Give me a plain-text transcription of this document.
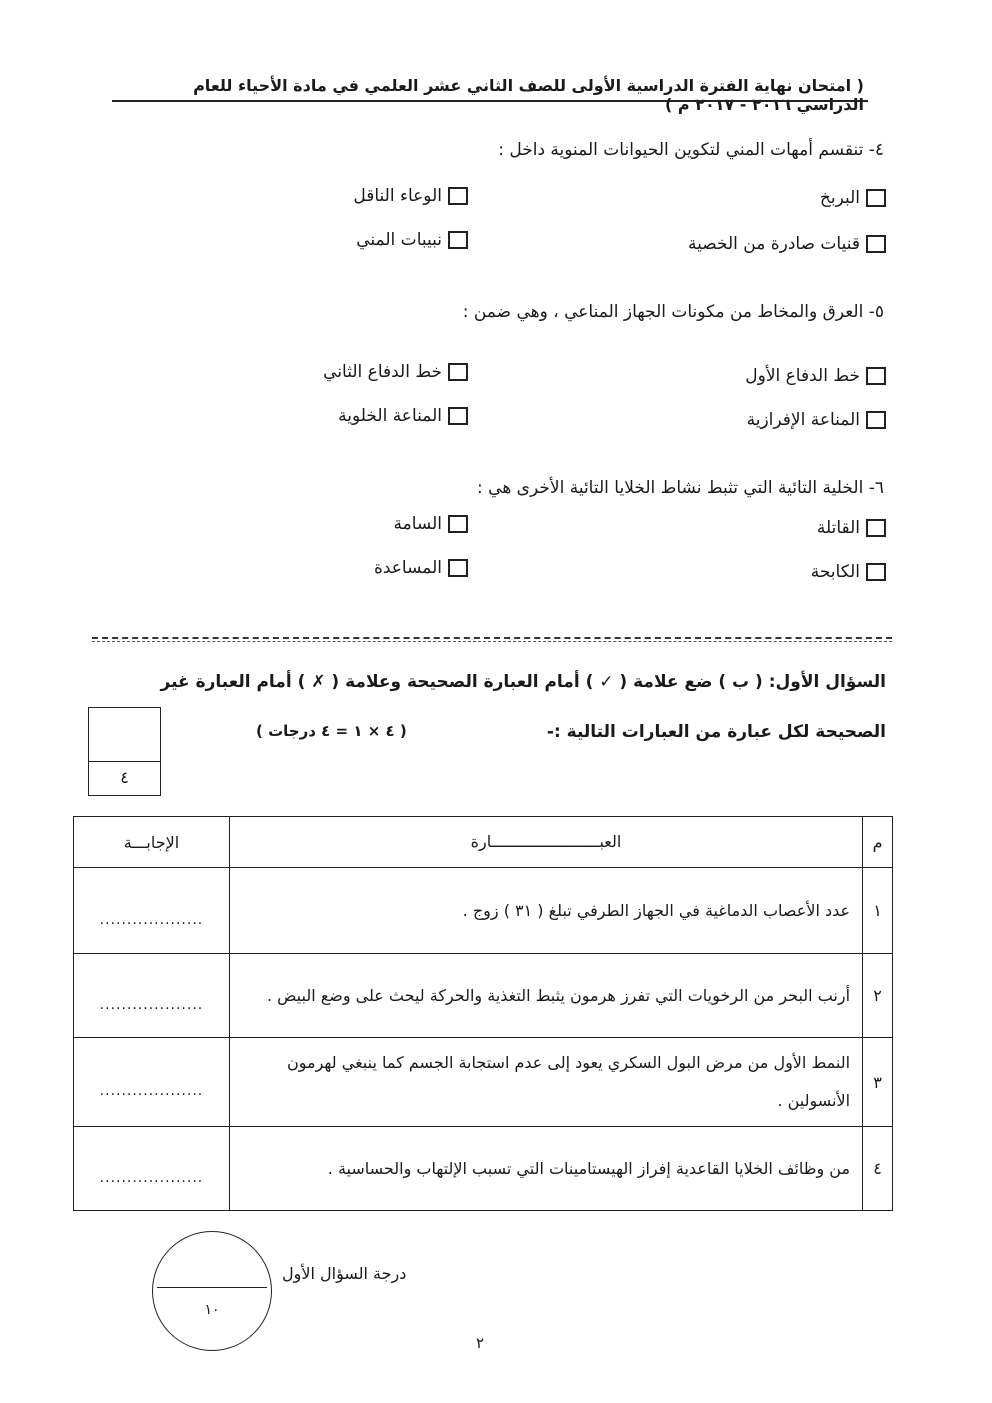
( امتحان نهاية الفترة الدراسية الأولى للصف الثاني عشر العلمي في مادة الأحياء للعام الدراسي ٢٠١٦ - ٢٠١٧ م )
٤- تنقسم أمهات المني لتكوين الحيوانات المنوية داخل :
البربخ
الوعاء الناقل
قنيات صادرة من الخصية
نبيبات المني
٥- العرق والمخاط من مكونات الجهاز المناعي ، وهي ضمن :
خط الدفاع الأول
خط الدفاع الثاني
المناعة الإفرازية
المناعة الخلوية
٦- الخلية التائية التي تثبط نشاط الخلايا التائية الأخرى هي :
القاتلة
السامة
الكابحة
المساعدة
السؤال الأول: ( ب ) ضع علامة ( ✓ ) أمام العبارة الصحيحة وعلامة ( ✗ ) أمام العبارة غير
الصحيحة لكل عبارة من العبارات التالية :-
( ٤ × ١ = ٤ درجات )
٤
م	العبـــــــــــــــــــــــارة	الإجابـــة
١	عدد الأعصاب الدماغية في الجهاز الطرفي تبلغ ( ٣١ ) زوج .	...................
٢	أرنب البحر من الرخويات التي تفرز هرمون يثبط التغذية والحركة ليحث على وضع البيض .	...................
٣	النمط الأول من مرض البول السكري يعود إلى عدم استجابة الجسم كما ينبغي لهرمون الأنسولين .	...................
٤	من وظائف الخلايا القاعدية إفراز الهيستامينات التي تسبب الإلتهاب والحساسية .	...................
١٠
درجة السؤال الأول
٢
